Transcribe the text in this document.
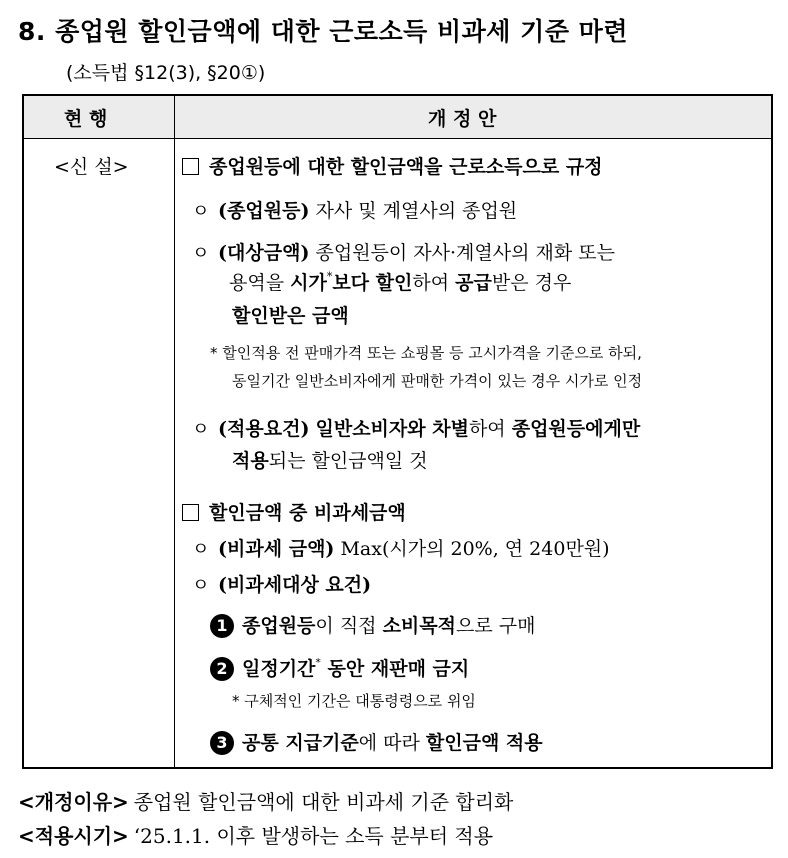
8. 종업원 할인금액에 대한 근로소득 비과세 기준 마련
(소득법 §12(3), §20①)
현 행	개 정 안
<신 설>	종업원등에 대한 할인금액을 근로소득으로 규정
ㅇ (종업원등) 자사 및 계열사의 종업원
ㅇ (대상금액) 종업원등이 자사·계열사의 재화 또는
용역을 시가*보다 할인하여 공급받은 경우
할인받은 금액
* 할인적용 전 판매가격 또는 쇼핑몰 등 고시가격을 기준으로 하되,
동일기간 일반소비자에게 판매한 가격이 있는 경우 시가로 인정
ㅇ (적용요건) 일반소비자와 차별하여 종업원등에게만
적용되는 할인금액일 것
할인금액 중 비과세금액
ㅇ (비과세 금액) Max(시가의 20%, 연 240만원)
ㅇ (비과세대상 요건)
1 종업원등이 직접 소비목적으로 구매
2 일정기간* 동안 재판매 금지
* 구체적인 기간은 대통령령으로 위임
3 공통 지급기준에 따라 할인금액 적용
<개정이유> 종업원 할인금액에 대한 비과세 기준 합리화
<적용시기> ‘25.1.1. 이후 발생하는 소득 분부터 적용
